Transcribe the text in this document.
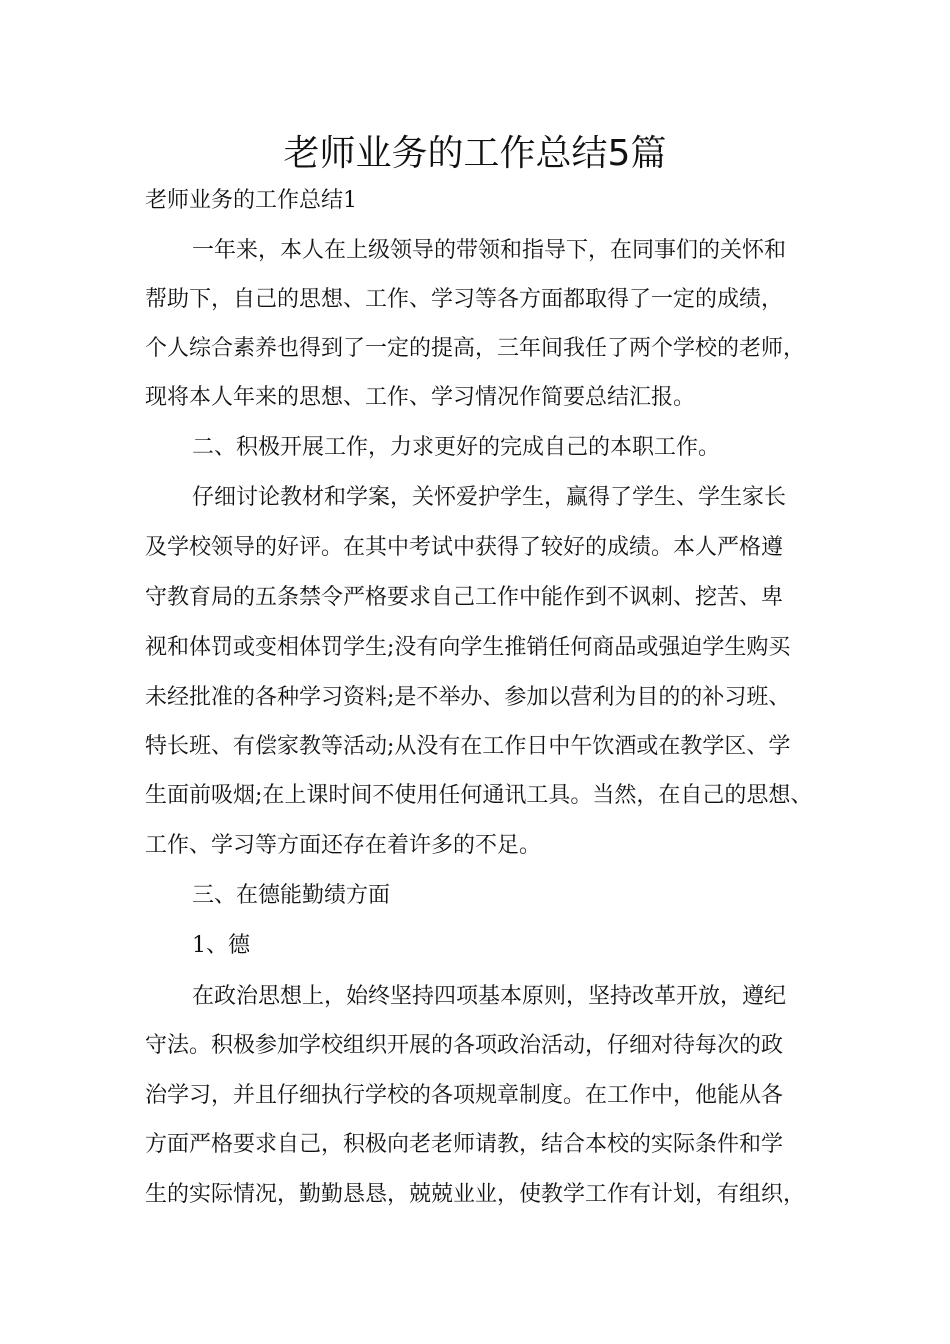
老师业务的工作总结5篇

老师业务的工作总结1

一年来，本人在上级领导的带领和指导下，在同事们的关怀和

帮助下，自己的思想、工作、学习等各方面都取得了一定的成绩，

个人综合素养也得到了一定的提高，三年间我任了两个学校的老师，

现将本人年来的思想、工作、学习情况作简要总结汇报。

二、积极开展工作，力求更好的完成自己的本职工作。

仔细讨论教材和学案，关怀爱护学生，赢得了学生、学生家长

及学校领导的好评。在其中考试中获得了较好的成绩。本人严格遵

守教育局的五条禁令严格要求自己工作中能作到不讽刺、挖苦、卑

视和体罚或变相体罚学生;没有向学生推销任何商品或强迫学生购买

未经批准的各种学习资料;是不举办、参加以营利为目的的补习班、

特长班、有偿家教等活动;从没有在工作日中午饮酒或在教学区、学

生面前吸烟;在上课时间不使用任何通讯工具。当然，在自己的思想、

工作、学习等方面还存在着许多的不足。

三、在德能勤绩方面

1、德

在政治思想上，始终坚持四项基本原则，坚持改革开放，遵纪

守法。积极参加学校组织开展的各项政治活动，仔细对待每次的政

治学习，并且仔细执行学校的各项规章制度。在工作中，他能从各

方面严格要求自己，积极向老老师请教，结合本校的实际条件和学

生的实际情况，勤勤恳恳，兢兢业业，使教学工作有计划，有组织，
